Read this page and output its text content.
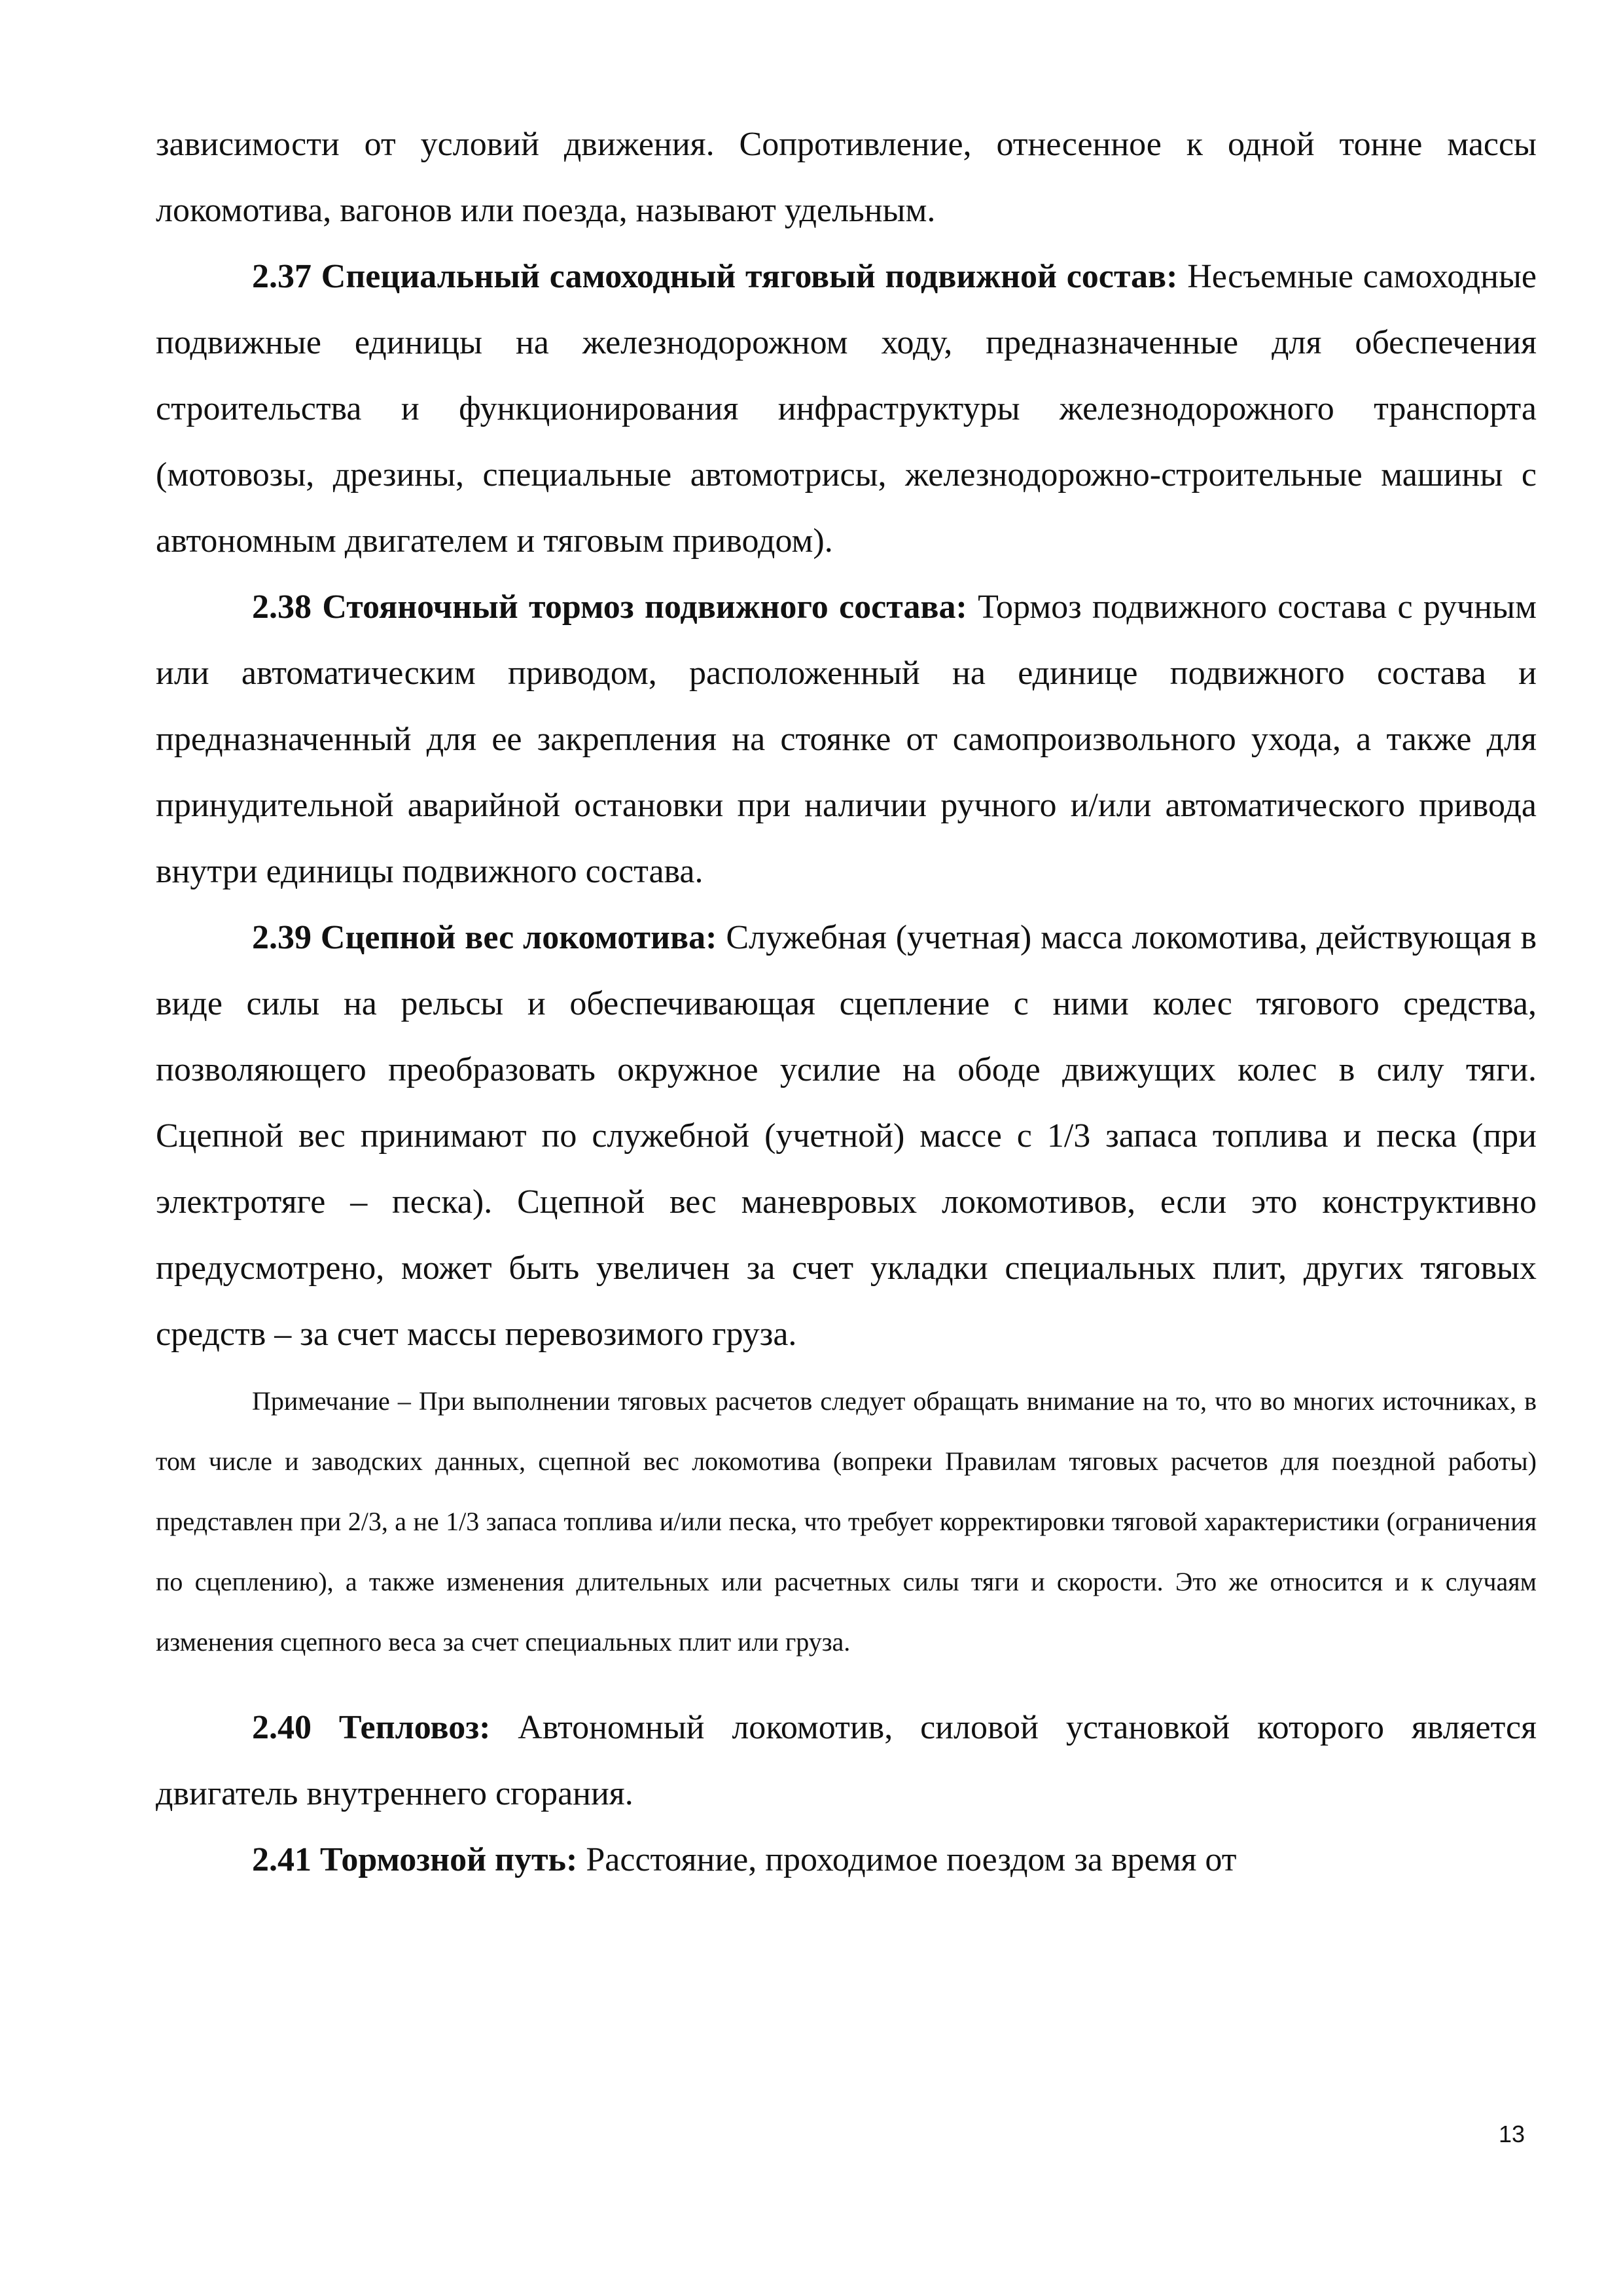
зависимости от условий движения. Сопротивление, отнесенное к одной тонне массы локомотива, вагонов или поезда, называют удельным.

2.37 Специальный самоходный тяговый подвижной состав: Несъемные самоходные подвижные единицы на железнодорожном ходу, предназначенные для обеспечения строительства и функционирования инфраструктуры железнодорожного транспорта (мотовозы, дрезины, специальные автомотрисы, железнодорожно-строительные машины с автономным двигателем и тяговым приводом).

2.38 Стояночный тормоз подвижного состава: Тормоз подвижного состава с ручным или автоматическим приводом, расположенный на единице подвижного состава и предназначенный для ее закрепления на стоянке от самопроизвольного ухода, а также для принудительной аварийной остановки при наличии ручного и/или автоматического привода внутри единицы подвижного состава.

2.39 Сцепной вес локомотива: Служебная (учетная) масса локомотива, действующая в виде силы на рельсы и обеспечивающая сцепление с ними колес тягового средства, позволяющего преобразовать окружное усилие на ободе движущих колес в силу тяги. Сцепной вес принимают по служебной (учетной) массе с 1/3 запаса топлива и песка (при электротяге – песка). Сцепной вес маневровых локомотивов, если это конструктивно предусмотрено, может быть увеличен за счет укладки специальных плит, других тяговых средств – за счет массы перевозимого груза.

Примечание – При выполнении тяговых расчетов следует обращать внимание на то, что во многих источниках, в том числе и заводских данных, сцепной вес локомотива (вопреки Правилам тяговых расчетов для поездной работы) представлен при 2/3, а не 1/3 запаса топлива и/или песка, что требует корректировки тяговой характеристики (ограничения по сцеплению), а также изменения длительных или расчетных силы тяги и скорости. Это же относится и к случаям изменения сцепного веса за счет специальных плит или груза.

2.40 Тепловоз: Автономный локомотив, силовой установкой которого является двигатель внутреннего сгорания.

2.41 Тормозной путь: Расстояние, проходимое поездом за время от

13
